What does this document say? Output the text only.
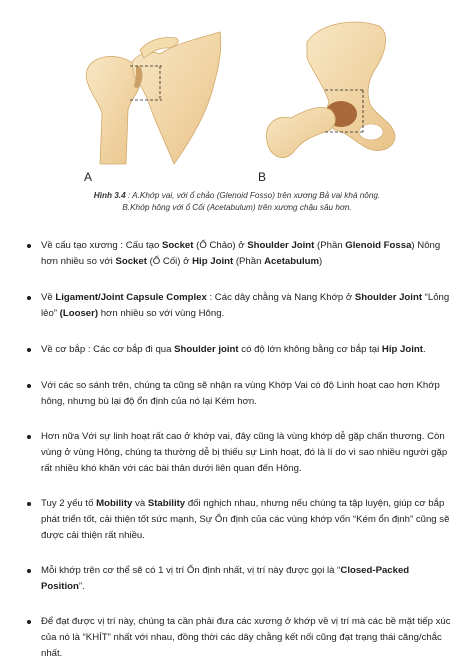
A	B
Hình 3.4 : A.Khớp vai, với ổ chảo (Glenoid Fosso) trên xương Bả vai khá nông.
B.Khớp hông với ổ Cối (Acetabulum) trên xương chậu sâu hơn.
Về cấu tạo xương : Cấu tạo Socket (Ổ Chảo) ở Shoulder Joint (Phần Glenoid Fossa) Nông hơn nhiều so với Socket (Ổ Cối) ở Hip Joint (Phần Acetabulum)
Về Ligament/Joint Capsule Complex : Các dây chằng và Nang Khớp ở Shoulder Joint “Lỏng lẻo” (Looser) hơn nhiều so với vùng Hông.
Về cơ bắp : Các cơ bắp đi qua Shoulder joint có độ lớn không bằng cơ bắp tại Hip Joint.
Với các so sánh trên, chúng ta cũng sẽ nhận ra vùng Khớp Vai có độ Linh hoạt cao hơn Khớp hông, nhưng bù lại độ ổn định của nó lại Kém hơn.
Hơn nữa Với sự linh hoạt rất cao ở khớp vai, đây cũng là vùng khớp dễ gặp chấn thương. Còn vùng ở vùng Hông, chúng ta thường dễ bị thiếu sự Linh hoạt, đó là lí do vì sao nhiều người gặp rất nhiều khó khăn với các bài thân dưới liên quan đến Hông.
Tuy 2 yếu tố Mobility và Stability đối nghịch nhau, nhưng nếu chúng ta tập luyện, giúp cơ bắp phát triển tốt, cải thiện tốt sức mạnh, Sự Ổn định của các vùng khớp vốn “Kém ổn định” cũng sẽ được cải thiện rất nhiều.
Mỗi khớp trên cơ thể sẽ có 1 vị trí Ổn định nhất, vị trí này được gọi là “Closed-Packed Position”.
Để đạt được vị trí này, chúng ta cần phải đưa các xương ở khớp về vị trí mà các bề mặt tiếp xúc của nó là “KHÍT” nhất với nhau, đồng thời các dây chằng kết nối cũng đạt trạng thái căng/chắc nhất.
